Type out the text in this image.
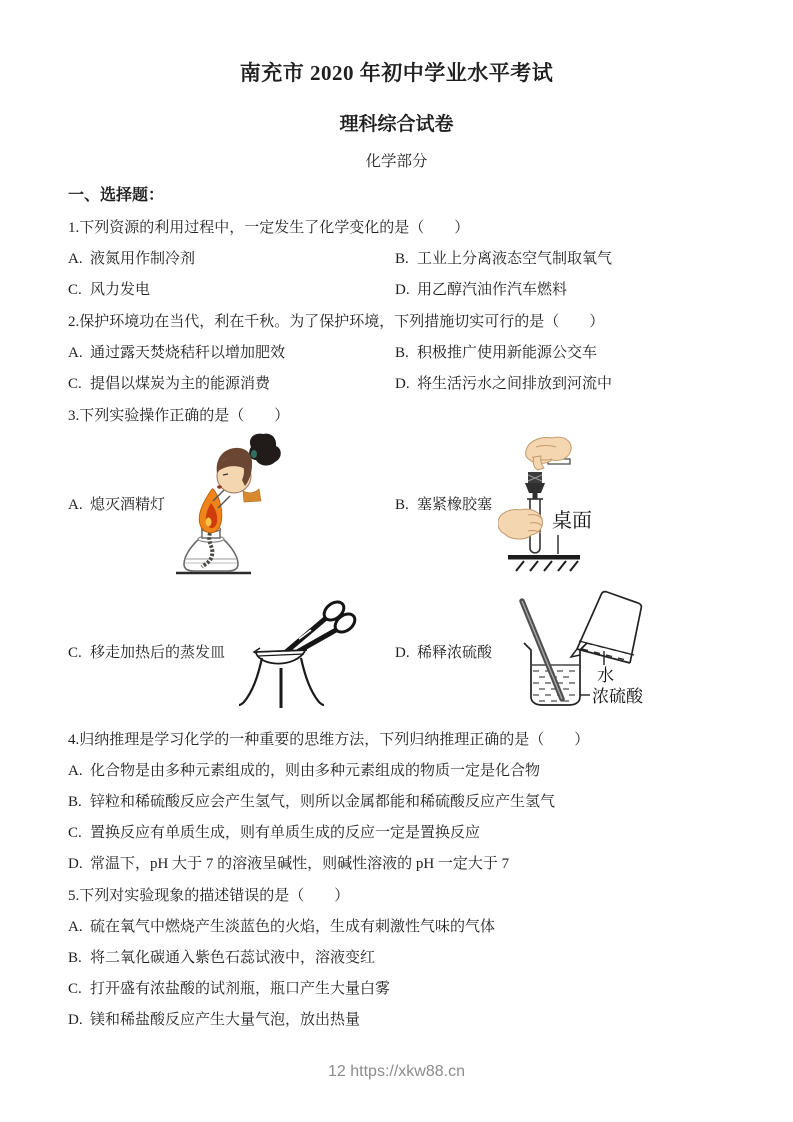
南充市 2020 年初中学业水平考试
理科综合试卷
化学部分
一、选择题：
1.下列资源的利用过程中，一定发生了化学变化的是（　　）
A. 液氮用作制冷剂	B. 工业上分离液态空气制取氧气
C. 风力发电	D. 用乙醇汽油作汽车燃料
2.保护环境功在当代，利在千秋。为了保护环境，下列措施切实可行的是（　　）
A. 通过露天焚烧秸秆以增加肥效	B. 积极推广使用新能源公交车
C. 提倡以煤炭为主的能源消费	D. 将生活污水之间排放到河流中
3.下列实验操作正确的是（　　）
A. 熄灭酒精灯	B. 塞紧橡胶塞
桌面
C. 移走加热后的蒸发皿	D. 稀释浓硫酸
水
浓硫酸
4.归纳推理是学习化学的一种重要的思维方法，下列归纳推理正确的是（　　）
A. 化合物是由多种元素组成的，则由多种元素组成的物质一定是化合物
B. 锌粒和稀硫酸反应会产生氢气，则所以金属都能和稀硫酸反应产生氢气
C. 置换反应有单质生成，则有单质生成的反应一定是置换反应
D. 常温下，pH 大于 7 的溶液呈碱性，则碱性溶液的 pH 一定大于 7
5.下列对实验现象的描述错误的是（　　）
A. 硫在氧气中燃烧产生淡蓝色的火焰，生成有刺激性气味的气体
B. 将二氧化碳通入紫色石蕊试液中，溶液变红
C. 打开盛有浓盐酸的试剂瓶，瓶口产生大量白雾
D. 镁和稀盐酸反应产生大量气泡，放出热量
12 https://xkw88.cn
